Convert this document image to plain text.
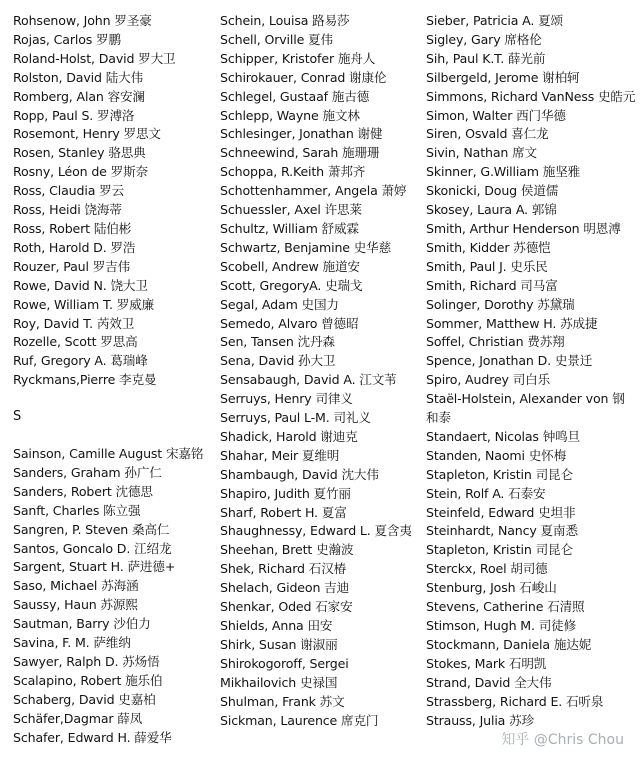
Rohsenow, John 罗圣豪
Rojas, Carlos 罗鹏
Roland-Holst, David 罗大卫
Rolston, David 陆大伟
Romberg, Alan 容安澜
Ropp, Paul S. 罗溥洛
Rosemont, Henry 罗思文
Rosen, Stanley 骆思典
Rosny, Léon de 罗斯奈
Ross, Claudia 罗云
Ross, Heidi 饶海蒂
Ross, Robert 陆伯彬
Roth, Harold D. 罗浩
Rouzer, Paul 罗吉伟
Rowe, David N. 饶大卫
Rowe, William T. 罗威廉
Roy, David T. 芮效卫
Rozelle, Scott 罗思高
Ruf, Gregory A. 葛瑞峰
Ryckmans,Pierre 李克曼
S
Sainson, Camille August 宋嘉铭
Sanders, Graham 孙广仁
Sanders, Robert 沈德思
Sanft, Charles 陈立强
Sangren, P. Steven 桑高仁
Santos, Goncalo D. 江绍龙
Sargent, Stuart H. 萨进德+
Saso, Michael 苏海涵
Saussy, Haun 苏源熙
Sautman, Barry 沙伯力
Savina, F. M. 萨维纳
Sawyer, Ralph D. 苏炀悟
Scalapino, Robert 施乐伯
Schaberg, David 史嘉柏
Schäfer,Dagmar 薛凤
Schafer, Edward H. 薛爱华
Schein, Louisa 路易莎
Schell, Orville 夏伟
Schipper, Kristofer 施舟人
Schirokauer, Conrad 谢康伦
Schlegel, Gustaaf 施古德
Schlepp, Wayne 施文林
Schlesinger, Jonathan 谢健
Schneewind, Sarah 施珊珊
Schoppa, R.Keith 萧邦齐
Schottenhammer, Angela 萧婷
Schuessler, Axel 许思莱
Schultz, William 舒威霖
Schwartz, Benjamine 史华慈
Scobell, Andrew 施道安
Scott, GregoryA. 史瑞戈
Segal, Adam 史国力
Semedo, Alvaro 曾德昭
Sen, Tansen 沈丹森
Sena, David 孙大卫
Sensabaugh, David A. 江文苇
Serruys, Henry 司律义
Serruys, Paul L-M. 司礼义
Shadick, Harold 谢迪克
Shahar, Meir 夏维明
Shambaugh, David 沈大伟
Shapiro, Judith 夏竹丽
Sharf, Robert H. 夏富
Shaughnessy, Edward L. 夏含夷
Sheehan, Brett 史瀚波
Shek, Richard 石汉椿
Shelach, Gideon 吉迪
Shenkar, Oded 石家安
Shields, Anna 田安
Shirk, Susan 谢淑丽
Shirokogoroff, Sergei Mikhailovich 史禄国
Shulman, Frank 苏文
Sickman, Laurence 席克门
Sieber, Patricia A. 夏颂
Sigley, Gary 席格伦
Sih, Paul K.T. 薛光前
Silbergeld, Jerome 谢柏轲
Simmons, Richard VanNess 史皓元
Simon, Walter 西门华德
Siren, Osvald 喜仁龙
Sivin, Nathan 席文
Skinner, G.William 施坚雅
Skonicki, Doug 侯道儒
Skosey, Laura A. 郭锦
Smith, Arthur Henderson 明恩溥
Smith, Kidder 苏德恺
Smith, Paul J. 史乐民
Smith, Richard 司马富
Solinger, Dorothy 苏黛瑞
Sommer, Matthew H. 苏成捷
Soffel, Christian 费苏翔
Spence, Jonathan D. 史景迁
Spiro, Audrey 司白乐
Staël-Holstein, Alexander von 钢和泰
Standaert, Nicolas 钟鸣旦
Standen, Naomi 史怀梅
Stapleton, Kristin 司昆仑
Stein, Rolf A. 石泰安
Steinfeld, Edward 史坦非
Steinhardt, Nancy 夏南悉
Stapleton, Kristin 司昆仑
Sterckx, Roel 胡司德
Stenburg, Josh 石峻山
Stevens, Catherine 石清照
Stimson, Hugh M. 司徒修
Stockmann, Daniela 施达妮
Stokes, Mark 石明凯
Strand, David 全大伟
Strassberg, Richard E. 石听泉
Strauss, Julia 苏珍
知乎 @Chris Chou
